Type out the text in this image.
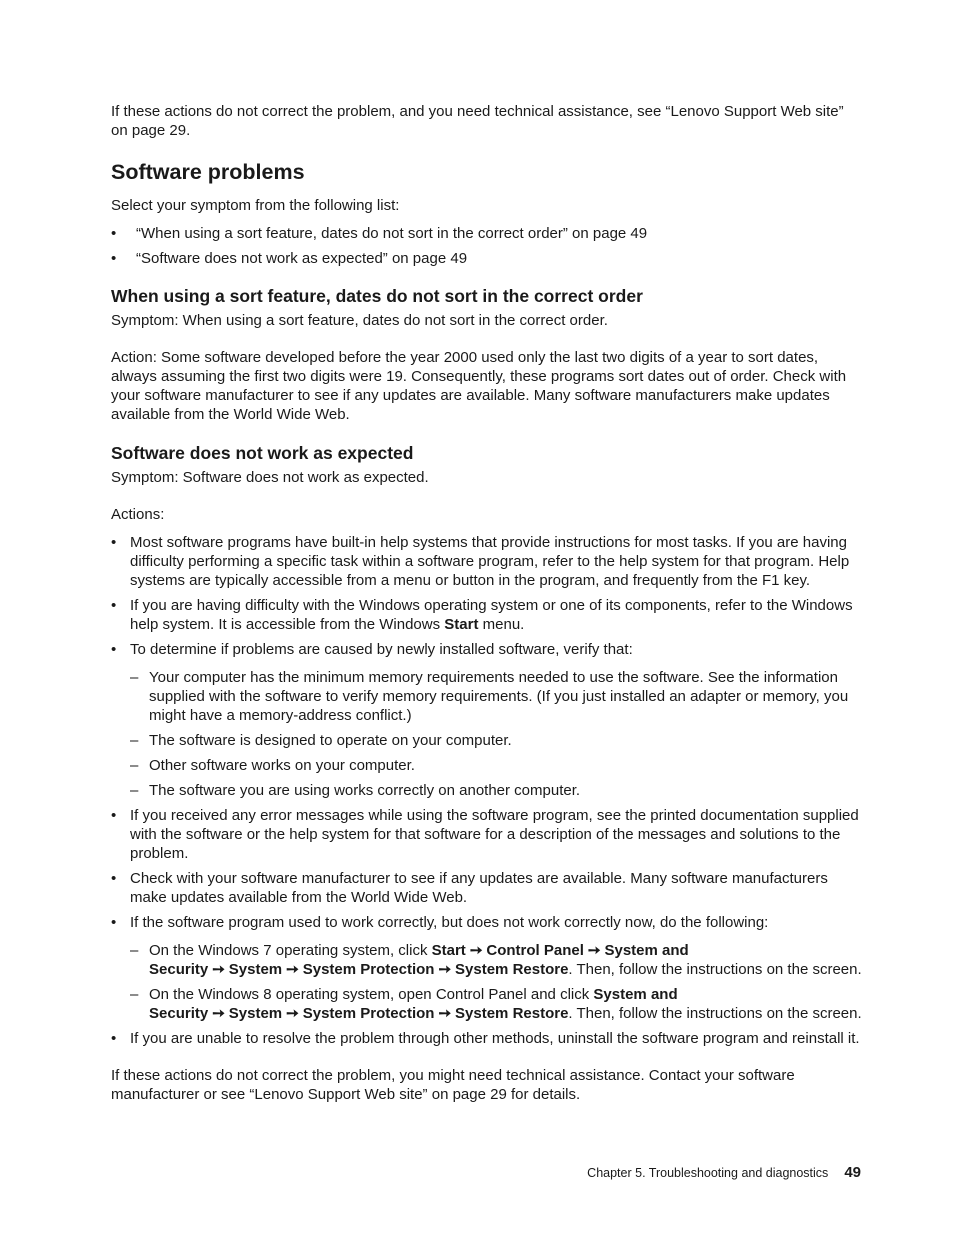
If these actions do not correct the problem, and you need technical assistance, see “Lenovo Support Web site” on page 29.

Software problems

Select your symptom from the following list:

• “When using a sort feature, dates do not sort in the correct order” on page 49
• “Software does not work as expected” on page 49
When using a sort feature, dates do not sort in the correct order

Symptom: When using a sort feature, dates do not sort in the correct order.

Action: Some software developed before the year 2000 used only the last two digits of a year to sort dates, always assuming the first two digits were 19. Consequently, these programs sort dates out of order. Check with your software manufacturer to see if any updates are available. Many software manufacturers make updates available from the World Wide Web.

Software does not work as expected

Symptom: Software does not work as expected.

Actions:

• Most software programs have built-in help systems that provide instructions for most tasks. If you are having difficulty performing a specific task within a software program, refer to the help system for that program. Help systems are typically accessible from a menu or button in the program, and frequently from the F1 key.
• If you are having difficulty with the Windows operating system or one of its components, refer to the Windows help system. It is accessible from the Windows Start menu.
• To determine if problems are caused by newly installed software, verify that:
– Your computer has the minimum memory requirements needed to use the software. See the information supplied with the software to verify memory requirements. (If you just installed an adapter or memory, you might have a memory-address conflict.)
– The software is designed to operate on your computer.
– Other software works on your computer.
– The software you are using works correctly on another computer.
• If you received any error messages while using the software program, see the printed documentation supplied with the software or the help system for that software for a description of the messages and solutions to the problem.
• Check with your software manufacturer to see if any updates are available. Many software manufacturers make updates available from the World Wide Web.
• If the software program used to work correctly, but does not work correctly now, do the following:
– On the Windows 7 operating system, click Start ➙ Control Panel ➙ System and Security ➙ System ➙ System Protection ➙ System Restore. Then, follow the instructions on the screen.
– On the Windows 8 operating system, open Control Panel and click System and Security ➙ System ➙ System Protection ➙ System Restore. Then, follow the instructions on the screen.
• If you are unable to resolve the problem through other methods, uninstall the software program and reinstall it.

If these actions do not correct the problem, you might need technical assistance. Contact your software manufacturer or see “Lenovo Support Web site” on page 29 for details.

Chapter 5. Troubleshooting and diagnostics 49
